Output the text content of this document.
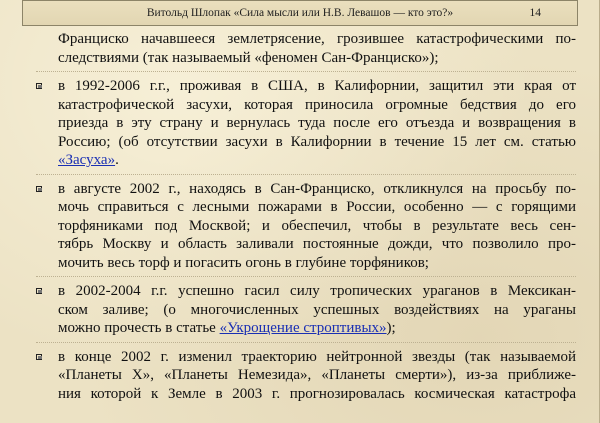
Витольд Шлопак «Сила мысли или Н.В. Левашов — кто это?»	14
Франциско начавшееся землетрясение, грозившее катастрофическими по-
следствиями (так называемый «феномен Сан-Франциско»);
в 1992-2006 г.г., проживая в США, в Калифорнии, защитил эти края от
катастрофической засухи, которая приносила огромные бедствия до его
приезда в эту страну и вернулась туда после его отъезда и возвращения в
Россию; (об отсутствии засухи в Калифорнии в течение 15 лет см. статью
«Засуха».
в августе 2002 г., находясь в Сан-Франциско, откликнулся на просьбу по-
мочь справиться с лесными пожарами в России, особенно — с горящими
торфяниками под Москвой; и обеспечил, чтобы в результате весь сен-
тябрь Москву и область заливали постоянные дожди, что позволило про-
мочить весь торф и погасить огонь в глубине торфяников;
в 2002-2004 г.г. успешно гасил силу тропических ураганов в Мексикан-
ском заливе; (о многочисленных успешных воздействиях на ураганы
можно прочесть в статье «Укрощение строптивых»);
в конце 2002 г. изменил траекторию нейтронной звезды (так называемой
«Планеты Х», «Планеты Немезида», «Планеты смерти»), из-за приближе-
ния которой к Земле в 2003 г. прогнозировалась космическая катастрофа
